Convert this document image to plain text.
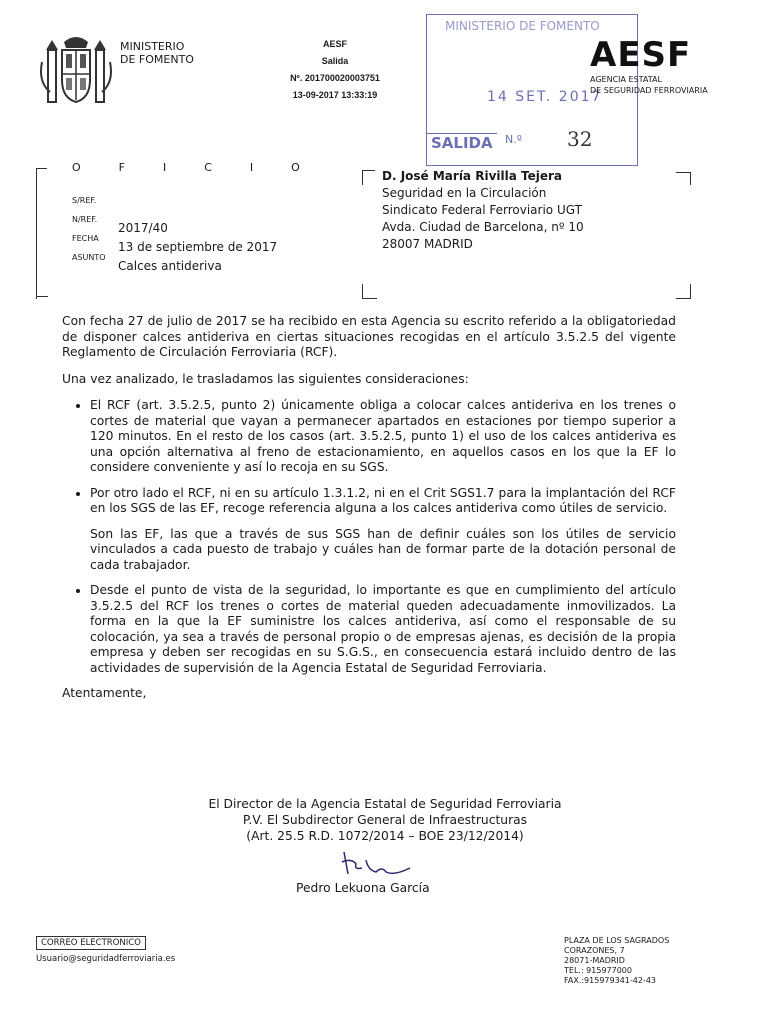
MINISTERIO
DE FOMENTO
AESF
Salida
Nº. 201700020003751
13-09-2017 13:33:19
MINISTERIO DE FOMENTO
14 SET. 2017
SALIDA	N.º 32
AESF
AGENCIA ESTATAL
DE SEGURIDAD FERROVIARIA
OFICIO
S/REF.
N/REF.
FECHA
ASUNTO
2017/40
13 de septiembre de 2017
Calces antideriva
D. José María Rivilla Tejera
Seguridad en la Circulación
Sindicato Federal Ferroviario UGT
Avda. Ciudad de Barcelona, nº 10
28007 MADRID

Con fecha 27 de julio de 2017 se ha recibido en esta Agencia su escrito referido a la obligatoriedad de disponer calces antideriva en ciertas situaciones recogidas en el artículo 3.5.2.5 del vigente Reglamento de Circulación Ferroviaria (RCF).

Una vez analizado, le trasladamos las siguientes consideraciones:

• El RCF (art. 3.5.2.5, punto 2) únicamente obliga a colocar calces antideriva en los trenes o cortes de material que vayan a permanecer apartados en estaciones por tiempo superior a 120 minutos. En el resto de los casos (art. 3.5.2.5, punto 1) el uso de los calces antideriva es una opción alternativa al freno de estacionamiento, en aquellos casos en los que la EF lo considere conveniente y así lo recoja en su SGS.
• Por otro lado el RCF, ni en su artículo 1.3.1.2, ni en el Crit SGS1.7 para la implantación del RCF en los SGS de las EF, recoge referencia alguna a los calces antideriva como útiles de servicio.
Son las EF, las que a través de sus SGS han de definir cuáles son los útiles de servicio vinculados a cada puesto de trabajo y cuáles han de formar parte de la dotación personal de cada trabajador.
• Desde el punto de vista de la seguridad, lo importante es que en cumplimiento del artículo 3.5.2.5 del RCF los trenes o cortes de material queden adecuadamente inmovilizados. La forma en la que la EF suministre los calces antideriva, así como el responsable de su colocación, ya sea a través de personal propio o de empresas ajenas, es decisión de la propia empresa y deben ser recogidas en su S.G.S., en consecuencia estará incluido dentro de las actividades de supervisión de la Agencia Estatal de Seguridad Ferroviaria.

Atentamente,

El Director de la Agencia Estatal de Seguridad Ferroviaria
P.V. El Subdirector General de Infraestructuras
(Art. 25.5 R.D. 1072/2014 – BOE 23/12/2014)
Pedro Lekuona García
CORREO ELECTRONICO
Usuario@seguridadferroviaria.es
PLAZA DE LOS SAGRADOS
CORAZONES, 7
28071-MADRID
TEL.: 915977000
FAX.:915979341-42-43
